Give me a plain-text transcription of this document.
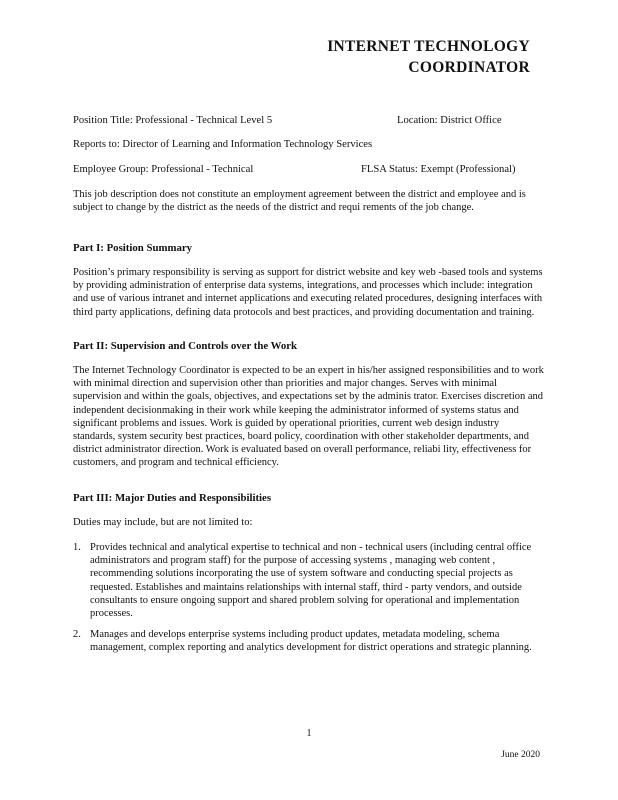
INTERNET TECHNOLOGY
COORDINATOR
Position Title: Professional - Technical Level 5	Location: District Office
Reports to: Director of Learning and Information Technology Services
Employee Group: Professional - Technical	FLSA Status: Exempt (Professional)

This job description does not constitute an employment agreement between the district and employee and is subject to change by the district as the needs of the district and requi rements of the job change.

Part I: Position Summary

Position’s primary responsibility is serving as support for district website and key web -based tools and systems by providing administration of enterprise data systems, integrations, and processes which include: integration and use of various intranet and internet applications and executing related procedures, designing interfaces with third party applications, defining data protocols and best practices, and providing documentation and training.

Part II: Supervision and Controls over the Work

The Internet Technology Coordinator is expected to be an expert in his/her assigned responsibilities and to work with minimal direction and supervision other than priorities and major changes. Serves with minimal supervision and within the goals, objectives, and expectations set by the adminis trator. Exercises discretion and independent decisionmaking in their work while keeping the administrator informed of systems status and significant problems and issues. Work is guided by operational priorities, current web design industry standards, system security best practices, board policy, coordination with other stakeholder departments, and district administrator direction. Work is evaluated based on overall performance, reliabi lity, effectiveness for customers, and program and technical efficiency.

Part III: Major Duties and Responsibilities
Duties may include, but are not limited to:
1. Provides technical and analytical expertise to technical and non - technical users (including central office administrators and program staff) for the purpose of accessing systems , managing web content , recommending solutions incorporating the use of system software and conducting special projects as requested. Establishes and maintains relationships with internal staff, third - party vendors, and outside consultants to ensure ongoing support and shared problem solving for operational and implementation processes.

2. Manages and develops enterprise systems including product updates, metadata modeling, schema management, complex reporting and analytics development for district operations and strategic planning.

1
June 2020
